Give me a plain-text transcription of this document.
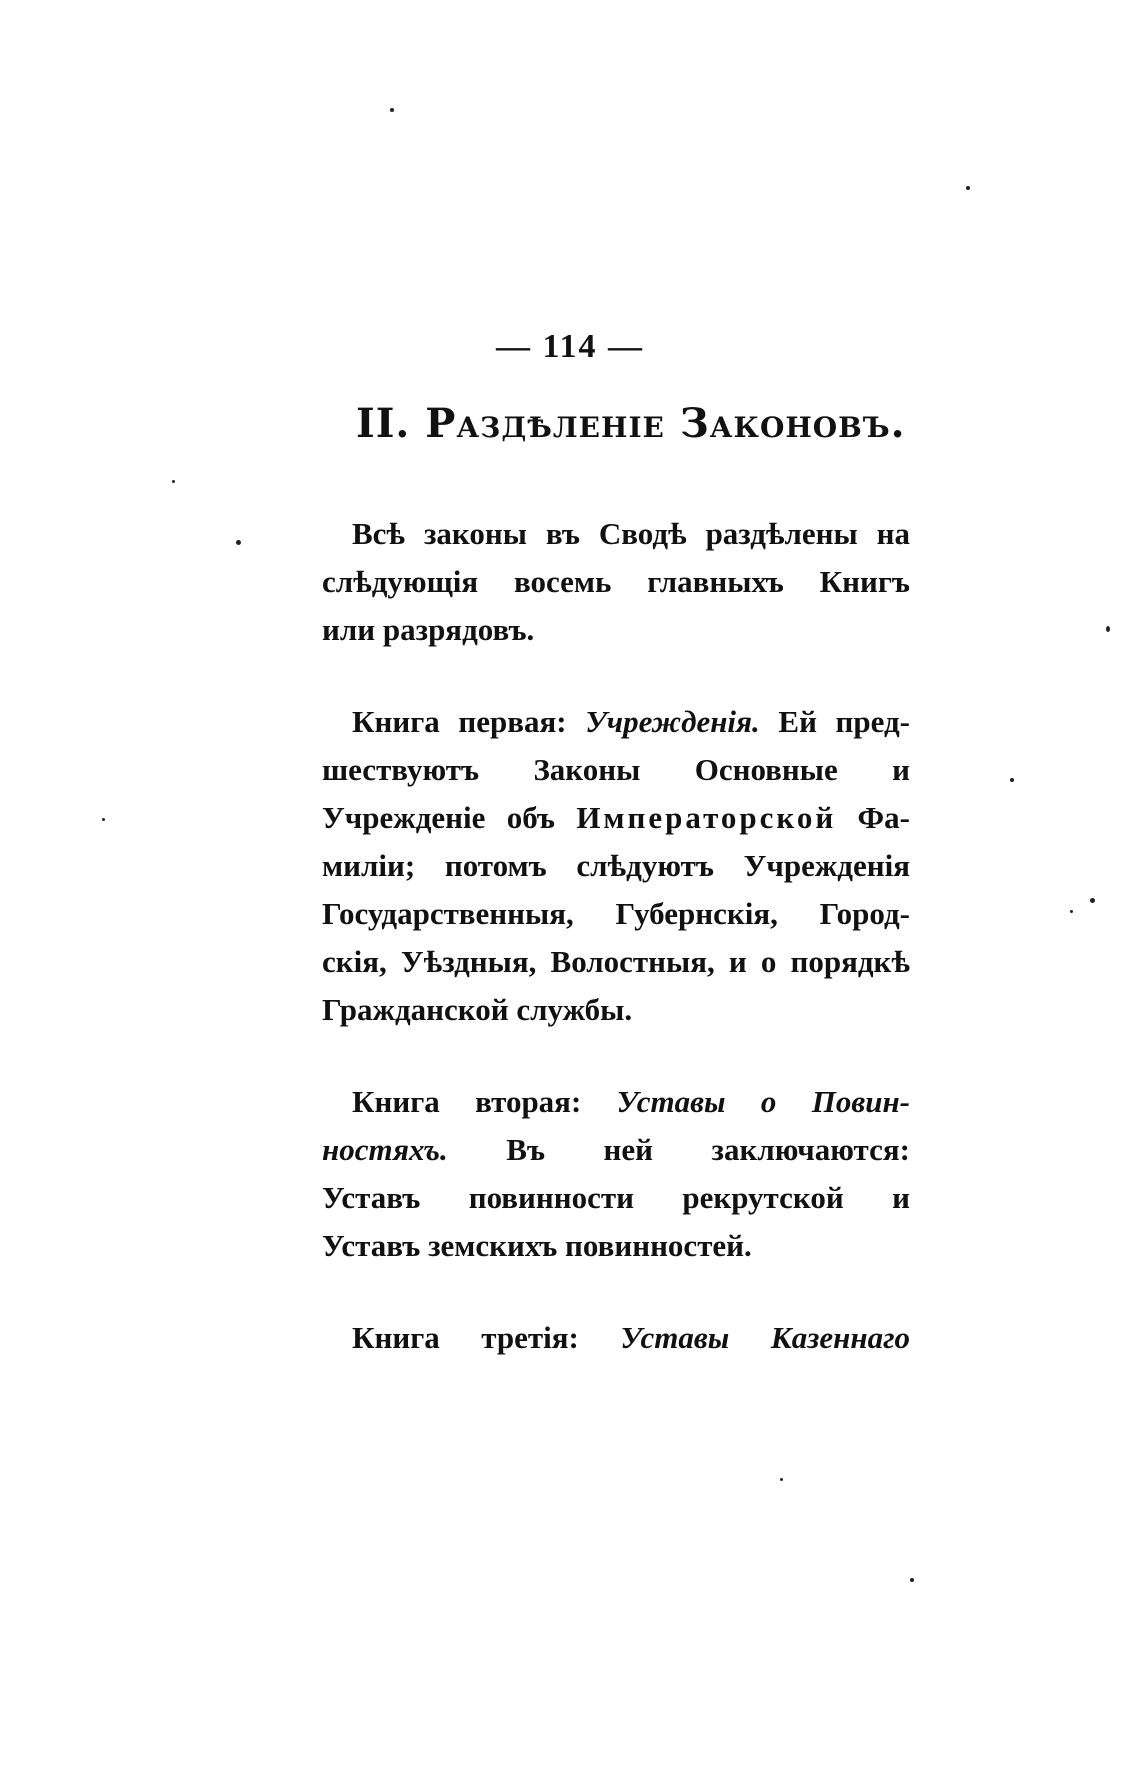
— 114 —
II. Раздѣленіе Законовъ.
Всѣ законы въ Сводѣ раздѣлены на
слѣдующія восемь главныхъ Книгъ
или разрядовъ.
Книга первая: Учрежденія. Ей пред-
шествуютъ Законы Основные и
Учрежденіе объ Императорской Фа-
миліи; потомъ слѣдуютъ Учрежденія
Государственныя, Губернскія, Город-
скія, Уѣздныя, Волостныя, и о порядкѣ
Гражданской службы.
Книга вторая: Уставы о Повин-
ностяхъ. Въ ней заключаются:
Уставъ повинности рекрутской и
Уставъ земскихъ повинностей.
Книга третія: Уставы Казеннаго
